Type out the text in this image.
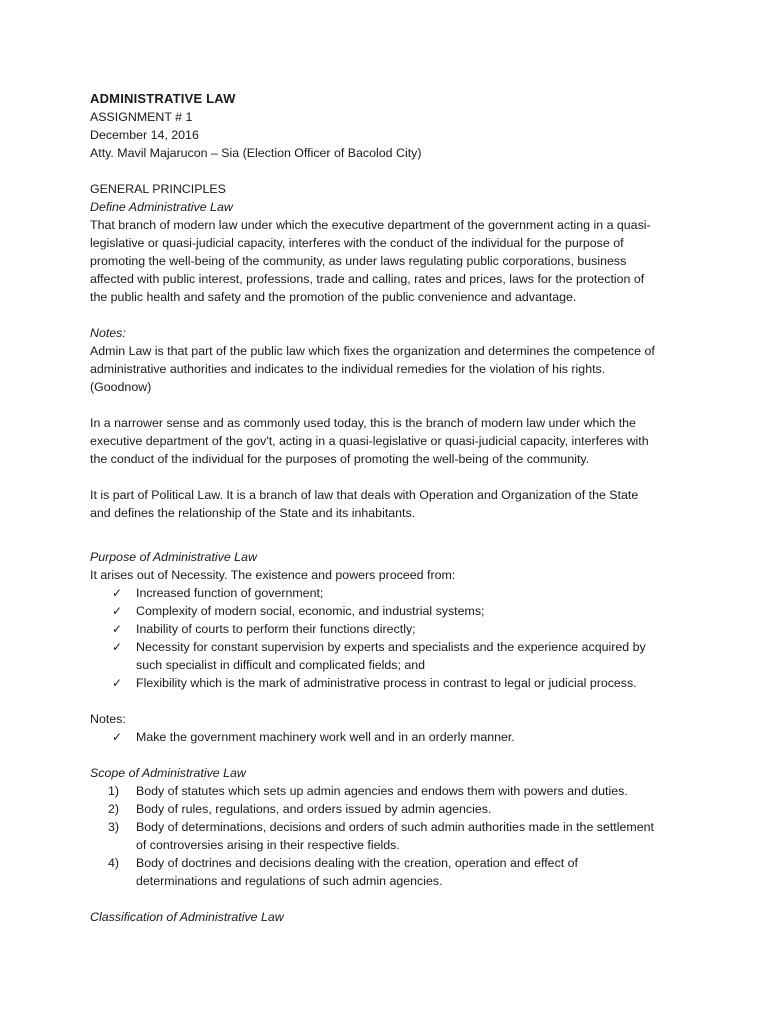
ADMINISTRATIVE LAW
ASSIGNMENT # 1
December 14, 2016
Atty. Mavil Majarucon – Sia (Election Officer of Bacolod City)
GENERAL PRINCIPLES
Define Administrative Law
That branch of modern law under which the executive department of the government acting in a quasi-
legislative or quasi-judicial capacity, interferes with the conduct of the individual for the purpose of
promoting the well-being of the community, as under laws regulating public corporations, business
affected with public interest, professions, trade and calling, rates and prices, laws for the protection of
the public health and safety and the promotion of the public convenience and advantage.
Notes:
Admin Law is that part of the public law which fixes the organization and determines the competence of
administrative authorities and indicates to the individual remedies for the violation of his rights.
(Goodnow)
In a narrower sense and as commonly used today, this is the branch of modern law under which the
executive department of the gov't, acting in a quasi-legislative or quasi-judicial capacity, interferes with
the conduct of the individual for the purposes of promoting the well-being of the community.
It is part of Political Law. It is a branch of law that deals with Operation and Organization of the State
and defines the relationship of the State and its inhabitants.
Purpose of Administrative Law
It arises out of Necessity. The existence and powers proceed from:
✓ Increased function of government;
✓ Complexity of modern social, economic, and industrial systems;
✓ Inability of courts to perform their functions directly;
✓ Necessity for constant supervision by experts and specialists and the experience acquired by
such specialist in difficult and complicated fields; and
✓ Flexibility which is the mark of administrative process in contrast to legal or judicial process.
Notes:
✓ Make the government machinery work well and in an orderly manner.
Scope of Administrative Law
1) Body of statutes which sets up admin agencies and endows them with powers and duties.
2) Body of rules, regulations, and orders issued by admin agencies.
3) Body of determinations, decisions and orders of such admin authorities made in the settlement
of controversies arising in their respective fields.
4) Body of doctrines and decisions dealing with the creation, operation and effect of
determinations and regulations of such admin agencies.
Classification of Administrative Law
